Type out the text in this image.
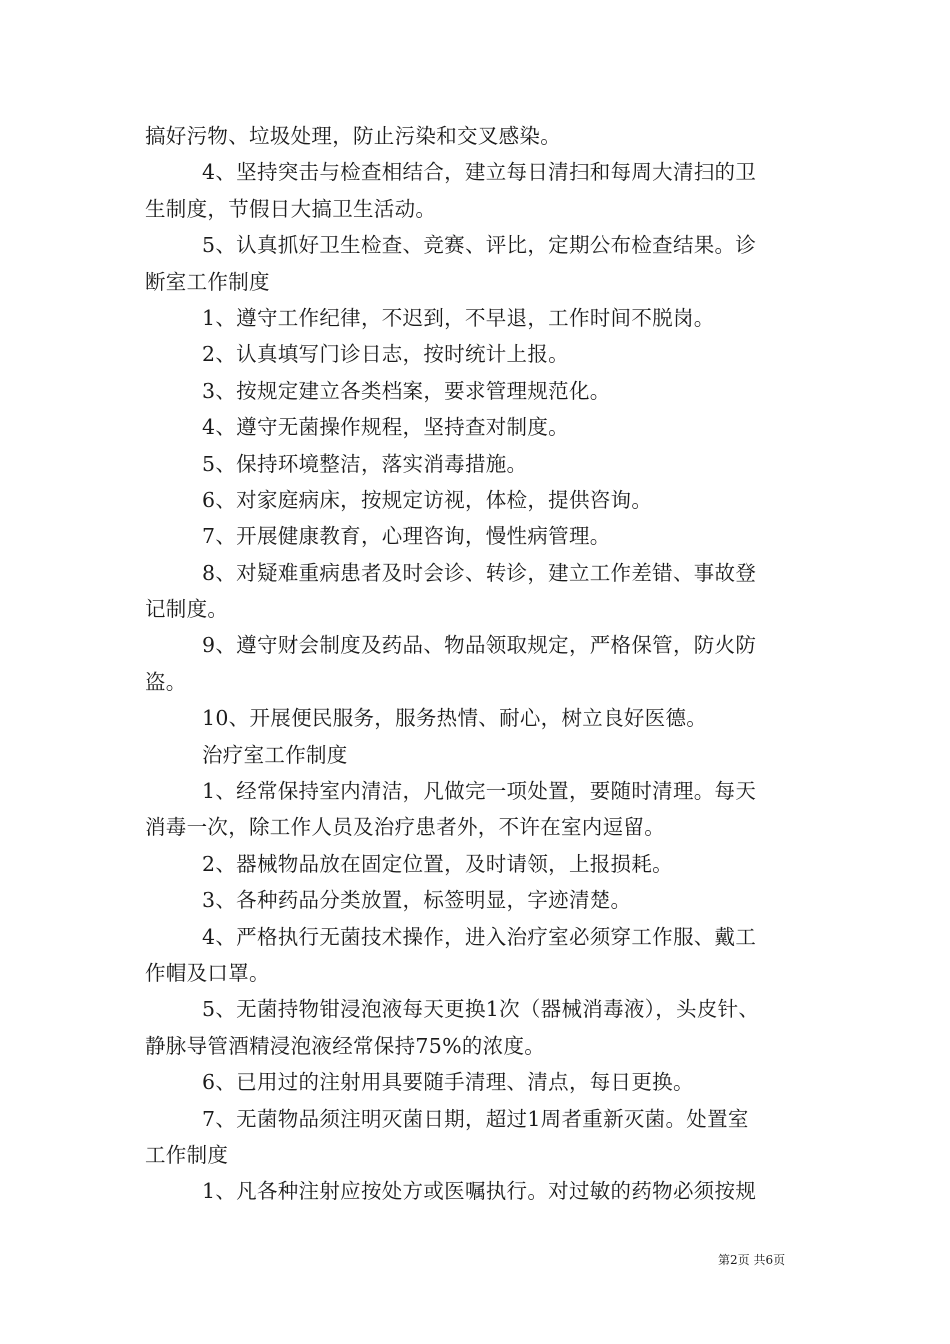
搞好污物、垃圾处理，防止污染和交叉感染。
4、坚持突击与检查相结合，建立每日清扫和每周大清扫的卫
生制度，节假日大搞卫生活动。
5、认真抓好卫生检查、竞赛、评比，定期公布检查结果。诊
断室工作制度
1、遵守工作纪律，不迟到，不早退，工作时间不脱岗。
2、认真填写门诊日志，按时统计上报。
3、按规定建立各类档案，要求管理规范化。
4、遵守无菌操作规程，坚持查对制度。
5、保持环境整洁，落实消毒措施。
6、对家庭病床，按规定访视，体检，提供咨询。
7、开展健康教育，心理咨询，慢性病管理。
8、对疑难重病患者及时会诊、转诊，建立工作差错、事故登
记制度。
9、遵守财会制度及药品、物品领取规定，严格保管，防火防
盗。
10、开展便民服务，服务热情、耐心，树立良好医德。
治疗室工作制度
1、经常保持室内清洁，凡做完一项处置，要随时清理。每天
消毒一次，除工作人员及治疗患者外，不许在室内逗留。
2、器械物品放在固定位置，及时请领，上报损耗。
3、各种药品分类放置，标签明显，字迹清楚。
4、严格执行无菌技术操作，进入治疗室必须穿工作服、戴工
作帽及口罩。
5、无菌持物钳浸泡液每天更换1次（器械消毒液），头皮针、
静脉导管酒精浸泡液经常保持75%的浓度。
6、已用过的注射用具要随手清理、清点，每日更换。
7、无菌物品须注明灭菌日期，超过1周者重新灭菌。处置室
工作制度
1、凡各种注射应按处方或医嘱执行。对过敏的药物必须按规
第2页 共6页
